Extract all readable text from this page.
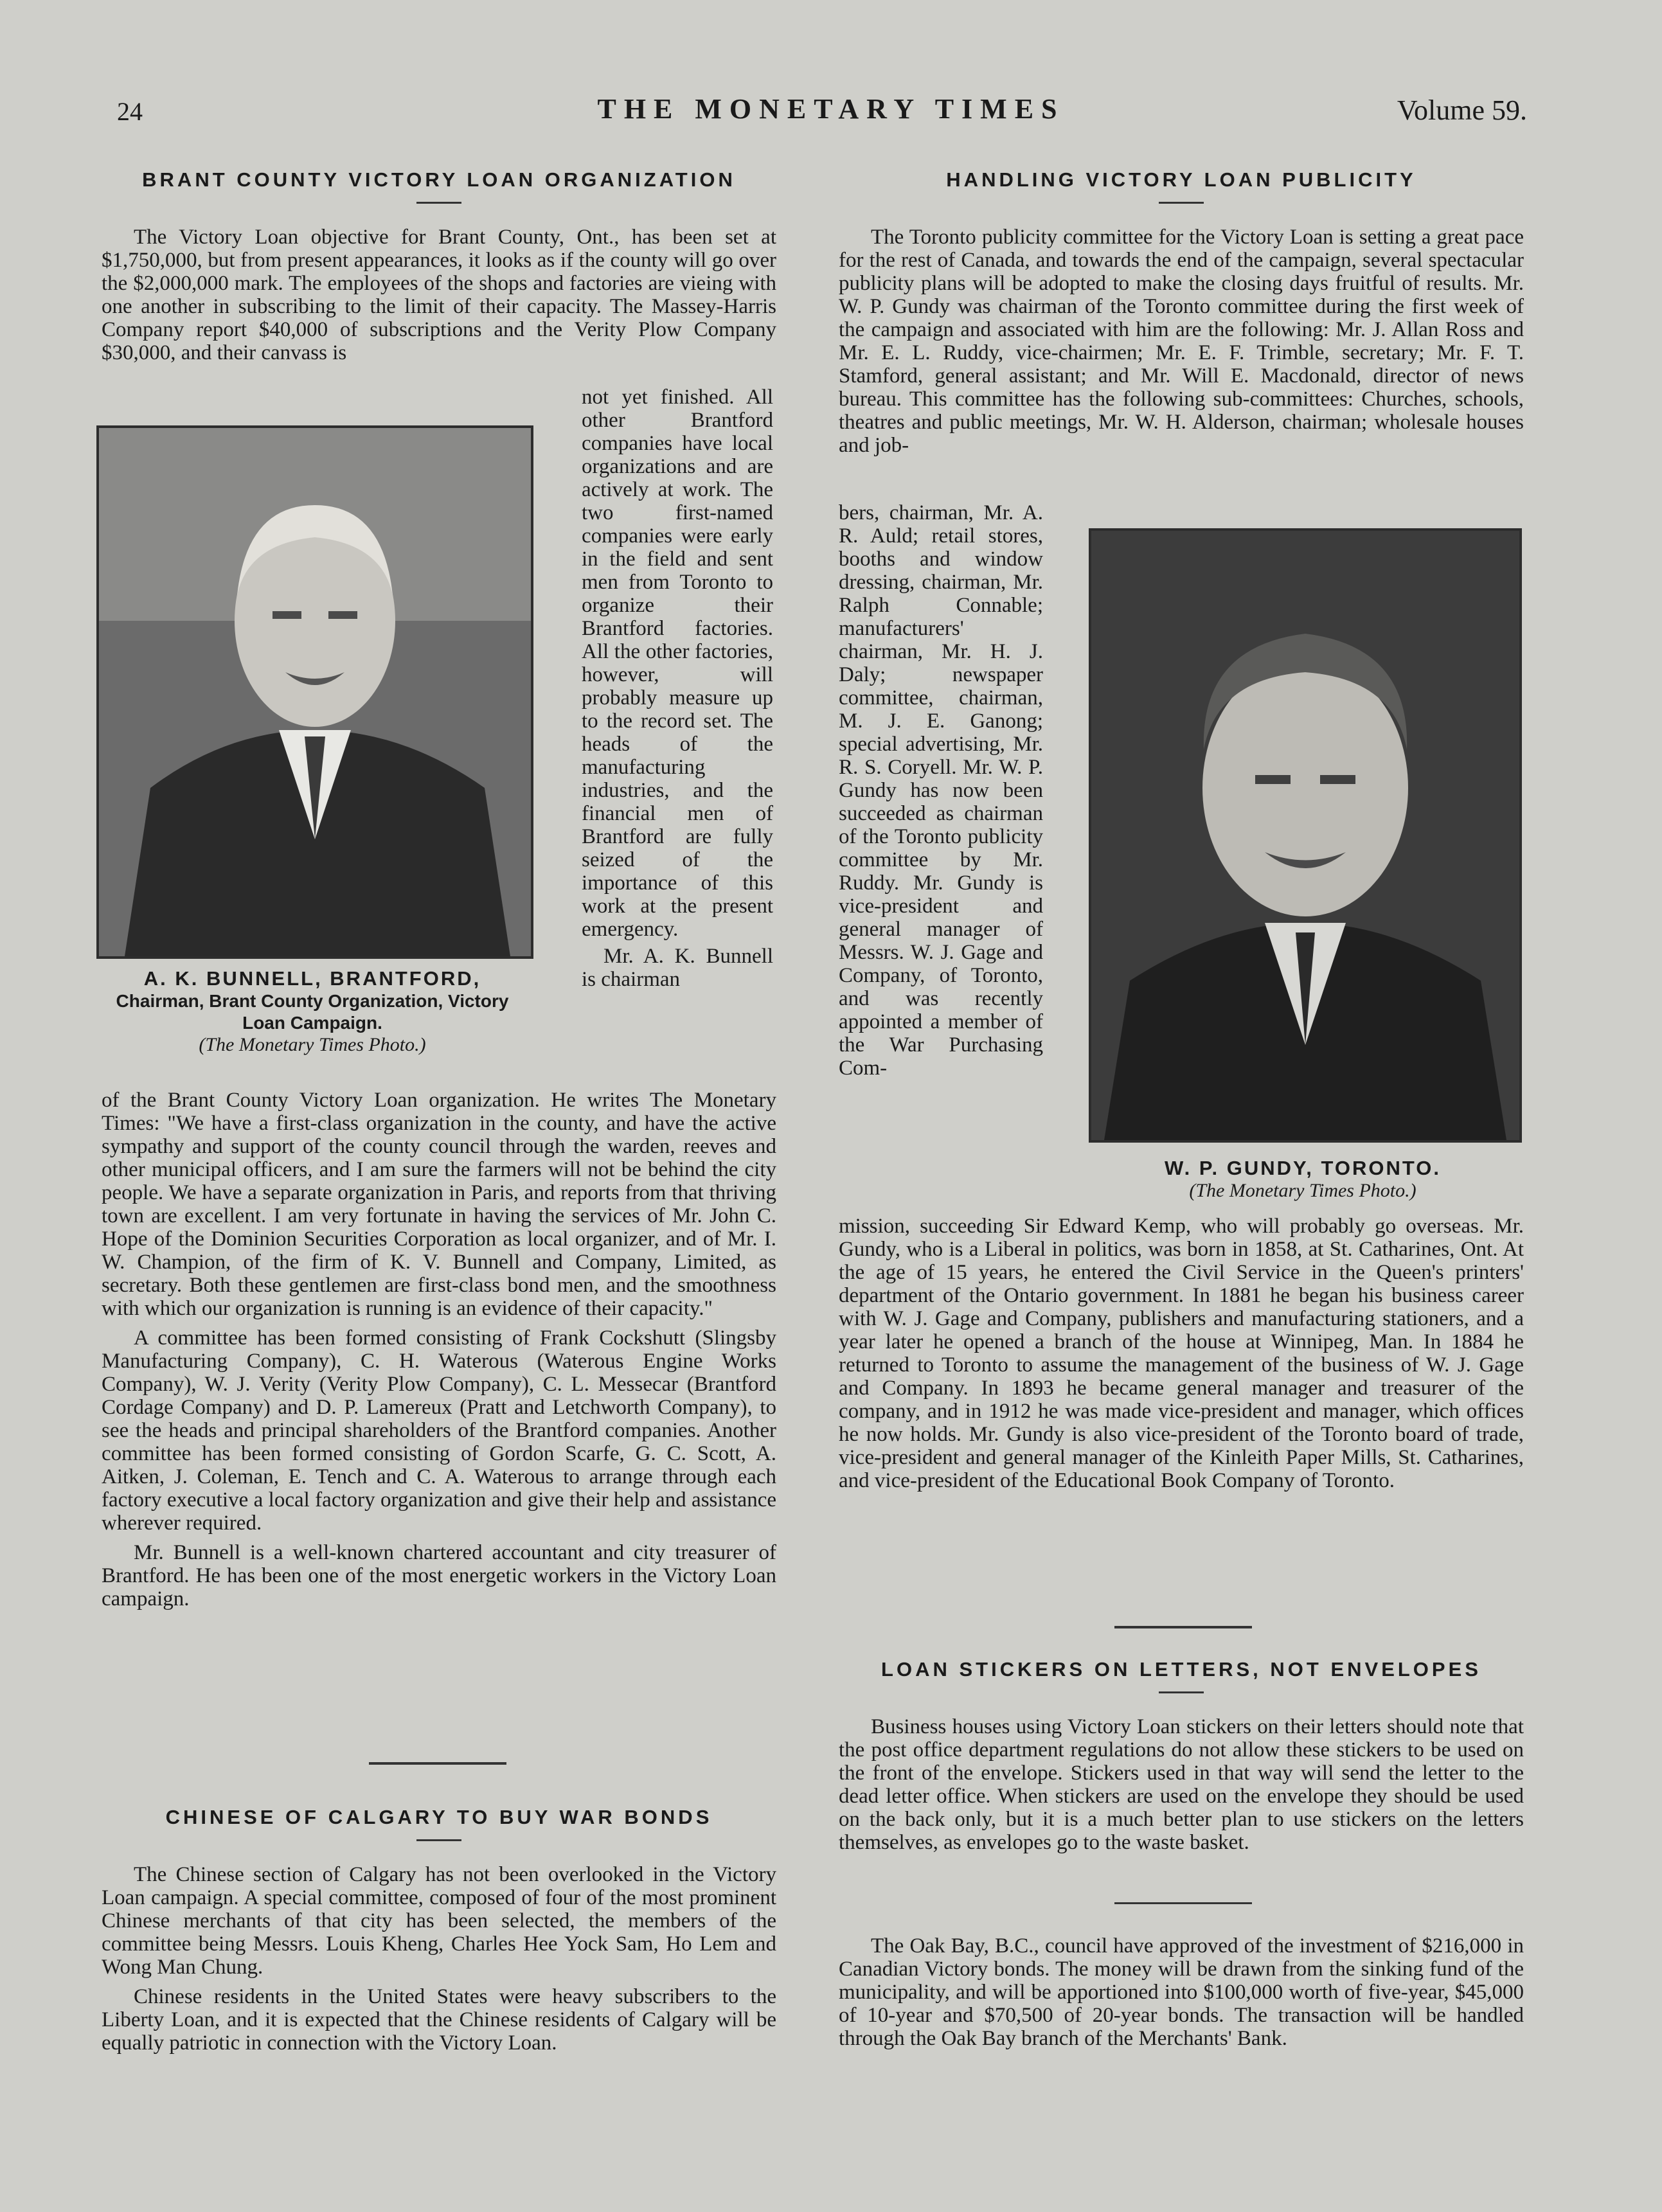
24	THE MONETARY TIMES	Volume 59.
BRANT COUNTY VICTORY LOAN ORGANIZATION

The Victory Loan objective for Brant County, Ont., has been set at $1,750,000, but from present appearances, it looks as if the county will go over the $2,000,000 mark. The employees of the shops and factories are vieing with one another in subscribing to the limit of their capacity. The Massey-Harris Company report $40,000 of subscriptions and the Verity Plow Company $30,000, and their canvass is

A. K. BUNNELL, BRANTFORD,
Chairman, Brant County Organization, Victory Loan Campaign.
(The Monetary Times Photo.)
not yet finished. All other Brantford companies have local organizations and are actively at work. The two first-named companies were early in the field and sent men from Toronto to organize their Brantford factories. All the other factories, however, will probably measure up to the record set. The heads of the manufacturing industries, and the financial men of Brantford are fully seized of the importance of this work at the present emergency.
Mr. A. K. Bunnell is chairman

of the Brant County Victory Loan organization. He writes The Monetary Times: "We have a first-class organization in the county, and have the active sympathy and support of the county council through the warden, reeves and other municipal officers, and I am sure the farmers will not be behind the city people. We have a separate organization in Paris, and reports from that thriving town are excellent. I am very fortunate in having the services of Mr. John C. Hope of the Dominion Securities Corporation as local organizer, and of Mr. I. W. Champion, of the firm of K. V. Bunnell and Company, Limited, as secretary. Both these gentlemen are first-class bond men, and the smoothness with which our organization is running is an evidence of their capacity."

A committee has been formed consisting of Frank Cockshutt (Slingsby Manufacturing Company), C. H. Waterous (Waterous Engine Works Company), W. J. Verity (Verity Plow Company), C. L. Messecar (Brantford Cordage Company) and D. P. Lamereux (Pratt and Letchworth Company), to see the heads and principal shareholders of the Brantford companies. Another committee has been formed consisting of Gordon Scarfe, G. C. Scott, A. Aitken, J. Coleman, E. Tench and C. A. Waterous to arrange through each factory executive a local factory organization and give their help and assistance wherever required.

Mr. Bunnell is a well-known chartered accountant and city treasurer of Brantford. He has been one of the most energetic workers in the Victory Loan campaign.

CHINESE OF CALGARY TO BUY WAR BONDS

The Chinese section of Calgary has not been overlooked in the Victory Loan campaign. A special committee, composed of four of the most prominent Chinese merchants of that city has been selected, the members of the committee being Messrs. Louis Kheng, Charles Hee Yock Sam, Ho Lem and Wong Man Chung.

Chinese residents in the United States were heavy subscribers to the Liberty Loan, and it is expected that the Chinese residents of Calgary will be equally patriotic in connection with the Victory Loan.

HANDLING VICTORY LOAN PUBLICITY

The Toronto publicity committee for the Victory Loan is setting a great pace for the rest of Canada, and towards the end of the campaign, several spectacular publicity plans will be adopted to make the closing days fruitful of results. Mr. W. P. Gundy was chairman of the Toronto committee during the first week of the campaign and associated with him are the following: Mr. J. Allan Ross and Mr. E. L. Ruddy, vice-chairmen; Mr. E. F. Trimble, secretary; Mr. F. T. Stamford, general assistant; and Mr. Will E. Macdonald, director of news bureau. This committee has the following sub-committees: Churches, schools, theatres and public meetings, Mr. W. H. Alderson, chairman; wholesale houses and job-

bers, chairman, Mr. A. R. Auld; retail stores, booths and window dressing, chairman, Mr. Ralph Connable; manufacturers' chairman, Mr. H. J. Daly; newspaper committee, chairman, M. J. E. Ganong; special advertising, Mr. R. S. Coryell. Mr. W. P. Gundy has now been succeeded as chairman of the Toronto publicity committee by Mr. Ruddy. Mr. Gundy is vice-president and general manager of Messrs. W. J. Gage and Company, of Toronto, and was recently appointed a member of the War Purchasing Com-
W. P. GUNDY, TORONTO.
(The Monetary Times Photo.)

mission, succeeding Sir Edward Kemp, who will probably go overseas. Mr. Gundy, who is a Liberal in politics, was born in 1858, at St. Catharines, Ont. At the age of 15 years, he entered the Civil Service in the Queen's printers' department of the Ontario government. In 1881 he began his business career with W. J. Gage and Company, publishers and manufacturing stationers, and a year later he opened a branch of the house at Winnipeg, Man. In 1884 he returned to Toronto to assume the management of the business of W. J. Gage and Company. In 1893 he became general manager and treasurer of the company, and in 1912 he was made vice-president and manager, which offices he now holds. Mr. Gundy is also vice-president of the Toronto board of trade, vice-president and general manager of the Kinleith Paper Mills, St. Catharines, and vice-president of the Educational Book Company of Toronto.

LOAN STICKERS ON LETTERS, NOT ENVELOPES

Business houses using Victory Loan stickers on their letters should note that the post office department regulations do not allow these stickers to be used on the front of the envelope. Stickers used in that way will send the letter to the dead letter office. When stickers are used on the envelope they should be used on the back only, but it is a much better plan to use stickers on the letters themselves, as envelopes go to the waste basket.

The Oak Bay, B.C., council have approved of the investment of $216,000 in Canadian Victory bonds. The money will be drawn from the sinking fund of the municipality, and will be apportioned into $100,000 worth of five-year, $45,000 of 10-year and $70,500 of 20-year bonds. The transaction will be handled through the Oak Bay branch of the Merchants' Bank.
